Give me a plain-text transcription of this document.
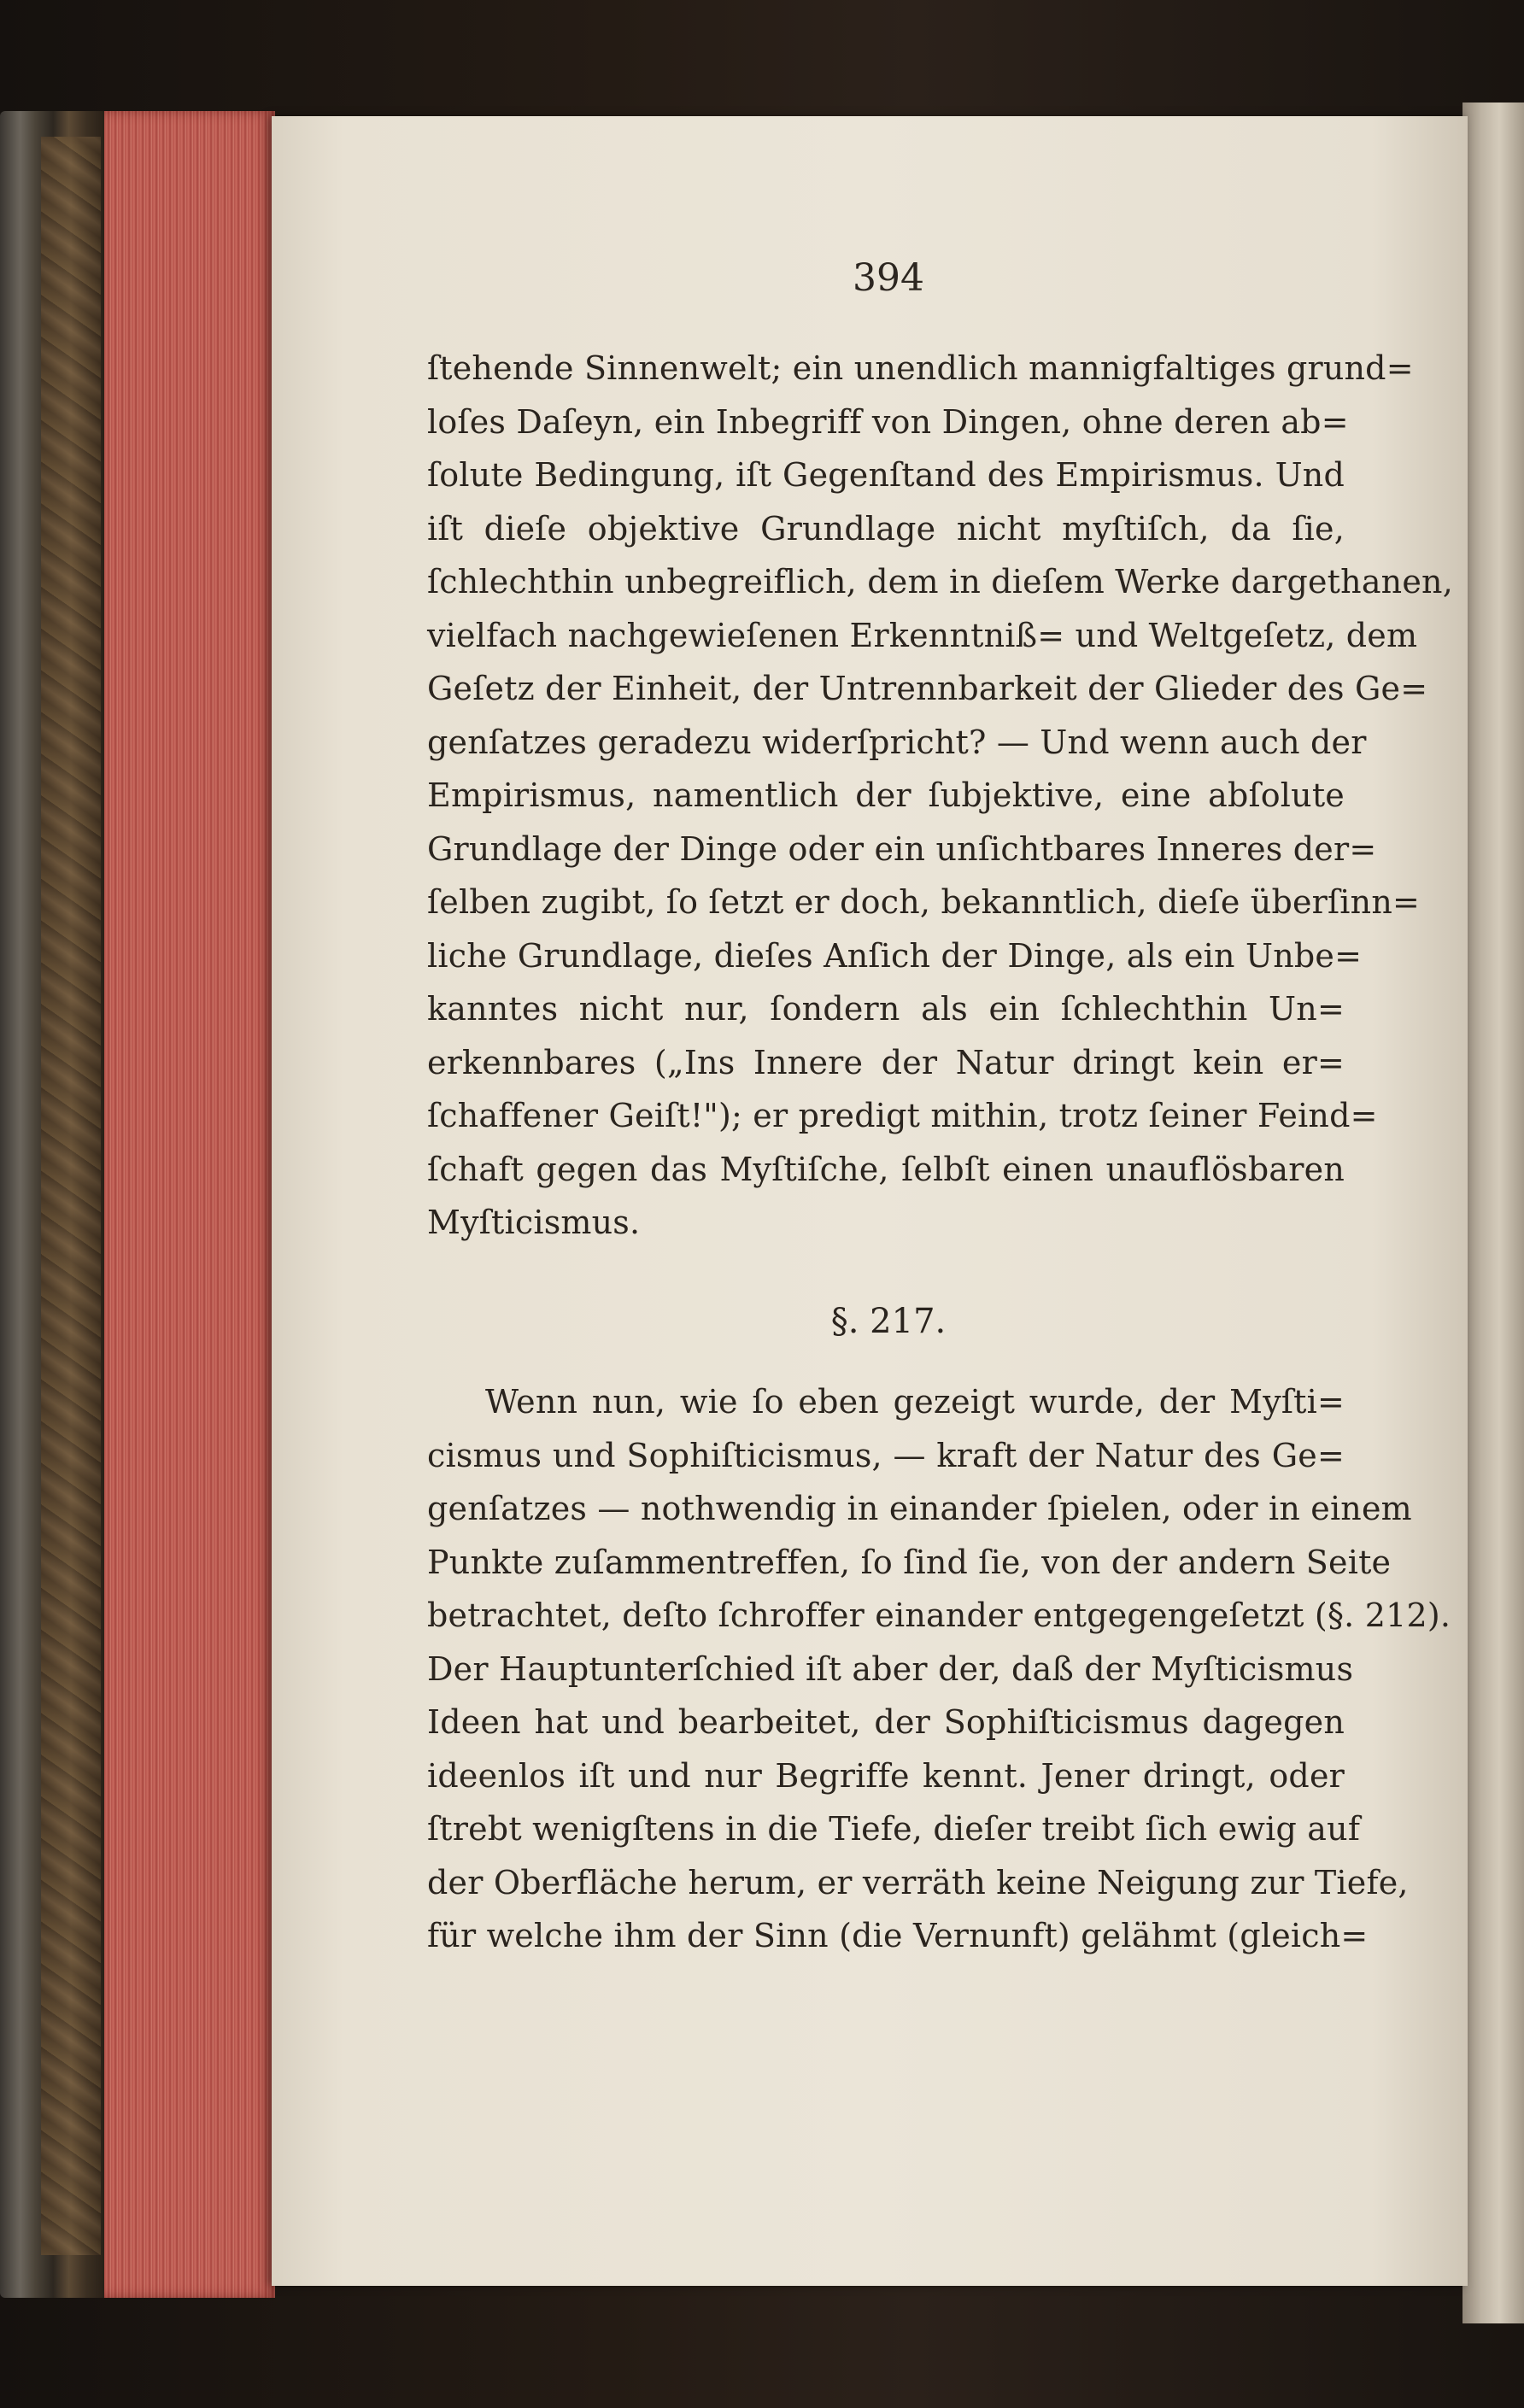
394
ſtehende Sinnenwelt; ein unendlich mannigfaltiges grund=
loſes Daſeyn, ein Inbegriff von Dingen, ohne deren ab=
ſolute Bedingung, iſt Gegenſtand des Empirismus. Und
iſt dieſe objektive Grundlage nicht myſtiſch, da ſie,
ſchlechthin unbegreiflich, dem in dieſem Werke dargethanen,
vielfach nachgewieſenen Erkenntniß= und Weltgeſetz, dem
Geſetz der Einheit, der Untrennbarkeit der Glieder des Ge=
genſatzes geradezu widerſpricht? — Und wenn auch der
Empirismus, namentlich der ſubjektive, eine abſolute
Grundlage der Dinge oder ein unſichtbares Inneres der=
ſelben zugibt, ſo ſetzt er doch, bekanntlich, dieſe überſinn=
liche Grundlage, dieſes Anſich der Dinge, als ein Unbe=
kanntes nicht nur, ſondern als ein ſchlechthin Un=
erkennbares („Ins Innere der Natur dringt kein er=
ſchaffener Geiſt!"); er predigt mithin, trotz ſeiner Feind=
ſchaft gegen das Myſtiſche, ſelbſt einen unauflösbaren
Myſticismus.
§. 217.
Wenn nun, wie ſo eben gezeigt wurde, der Myſti=
cismus und Sophiſticismus, — kraft der Natur des Ge=
genſatzes — nothwendig in einander ſpielen, oder in einem
Punkte zuſammentreffen, ſo ſind ſie, von der andern Seite
betrachtet, deſto ſchroffer einander entgegengeſetzt (§. 212).
Der Hauptunterſchied iſt aber der, daß der Myſticismus
Ideen hat und bearbeitet, der Sophiſticismus dagegen
ideenlos iſt und nur Begriffe kennt. Jener dringt, oder
ſtrebt wenigſtens in die Tiefe, dieſer treibt ſich ewig auf
der Oberfläche herum, er verräth keine Neigung zur Tiefe,
für welche ihm der Sinn (die Vernunft) gelähmt (gleich=
